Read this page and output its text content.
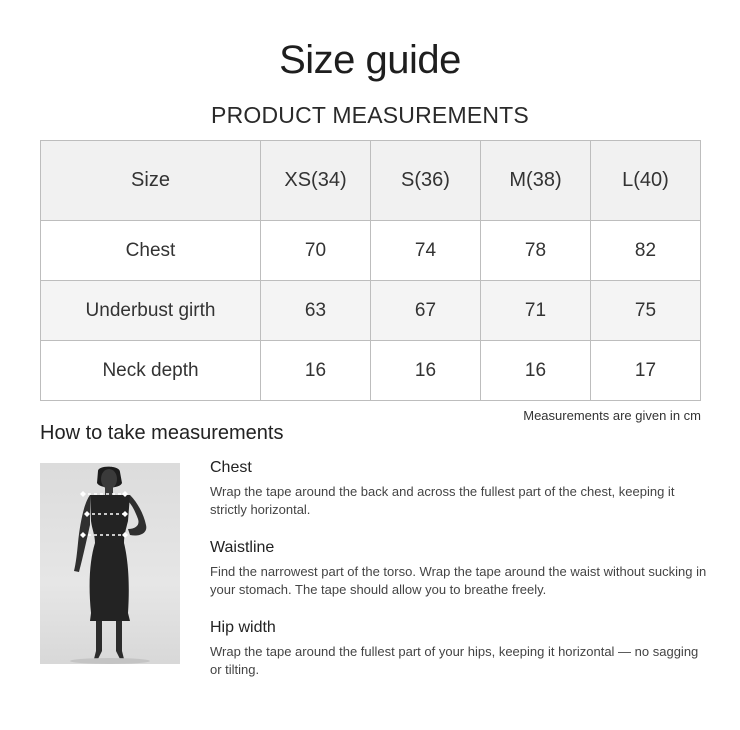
Size guide
PRODUCT MEASUREMENTS
Size	XS(34)	S(36)	M(38)	L(40)
Chest	70	74	78	82
Underbust girth	63	67	71	75
Neck depth	16	16	16	17
Measurements are given in cm
How to take measurements
Chest
Wrap the tape around the back and across the fullest part of the chest, keeping it strictly horizontal.
Waistline
Find the narrowest part of the torso. Wrap the tape around the waist without sucking in your stomach. The tape should allow you to breathe freely.
Hip width
Wrap the tape around the fullest part of your hips, keeping it horizontal — no sagging or tilting.
